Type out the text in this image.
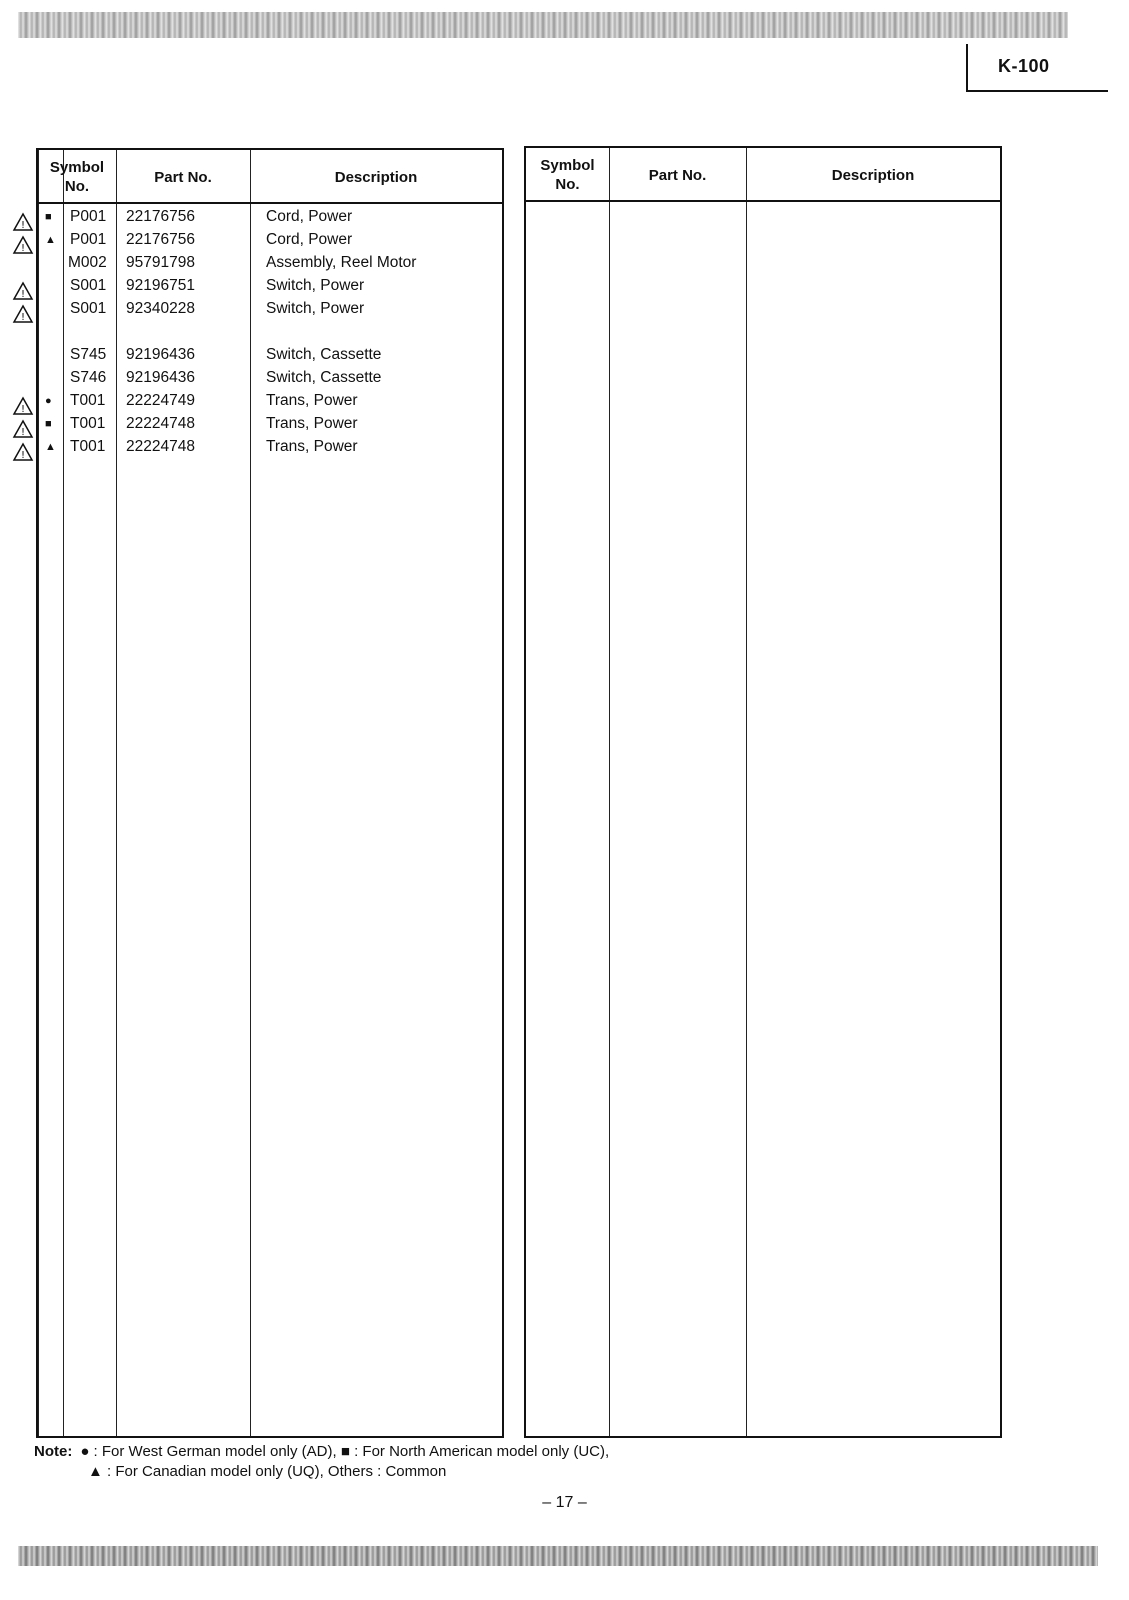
K-100
Symbol
No.
Part No.	Description
■ P001 22176756	Cord, Power
▲ P001 22176756	Cord, Power
M002 95791798	Assembly, Reel Motor
S001 92196751	Switch, Power
S001 92340228	Switch, Power
S745 92196436	Switch, Cassette
S746 92196436	Switch, Cassette
● T001 22224749	Trans, Power
■ T001 22224748	Trans, Power
▲ T001 22224748	Trans, Power
!
!
!
!
!
!
!
Symbol
No.
Part No.	Description
Note: ● : For West German model only (AD), ■ : For North American model only (UC),
▲ : For Canadian model only (UQ), Others : Common
– 17 –
